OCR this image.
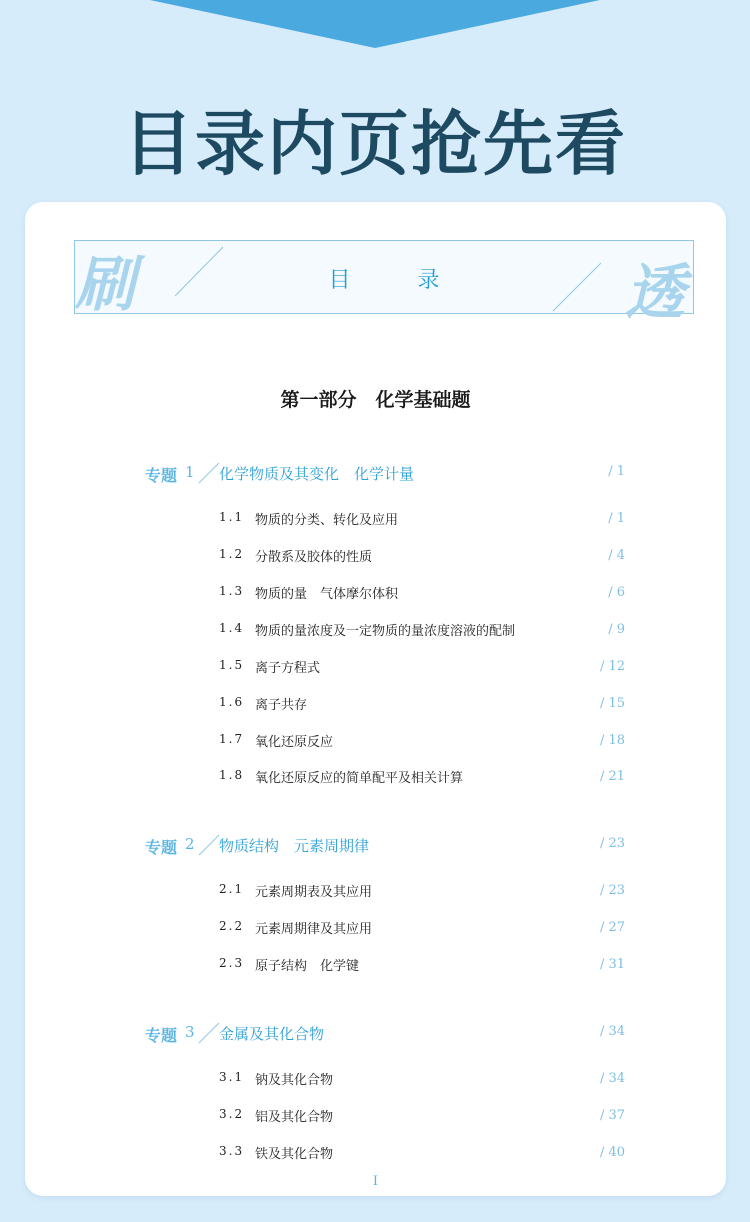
目录内页抢先看
刷	透
目 录
第一部分　化学基础题
专题 1 化学物质及其变化　化学计量	/ 1
1.1 物质的分类、转化及应用	/ 1
1.2 分散系及胶体的性质	/ 4
1.3 物质的量　气体摩尔体积	/ 6
1.4 物质的量浓度及一定物质的量浓度溶液的配制	/ 9
1.5 离子方程式	/ 12
1.6 离子共存	/ 15
1.7 氧化还原反应	/ 18
1.8 氧化还原反应的简单配平及相关计算	/ 21
专题 2 物质结构　元素周期律	/ 23
2.1 元素周期表及其应用	/ 23
2.2 元素周期律及其应用	/ 27
2.3 原子结构　化学键	/ 31
专题 3 金属及其化合物	/ 34
3.1 钠及其化合物	/ 34
3.2 铝及其化合物	/ 37
3.3 铁及其化合物	/ 40
I
